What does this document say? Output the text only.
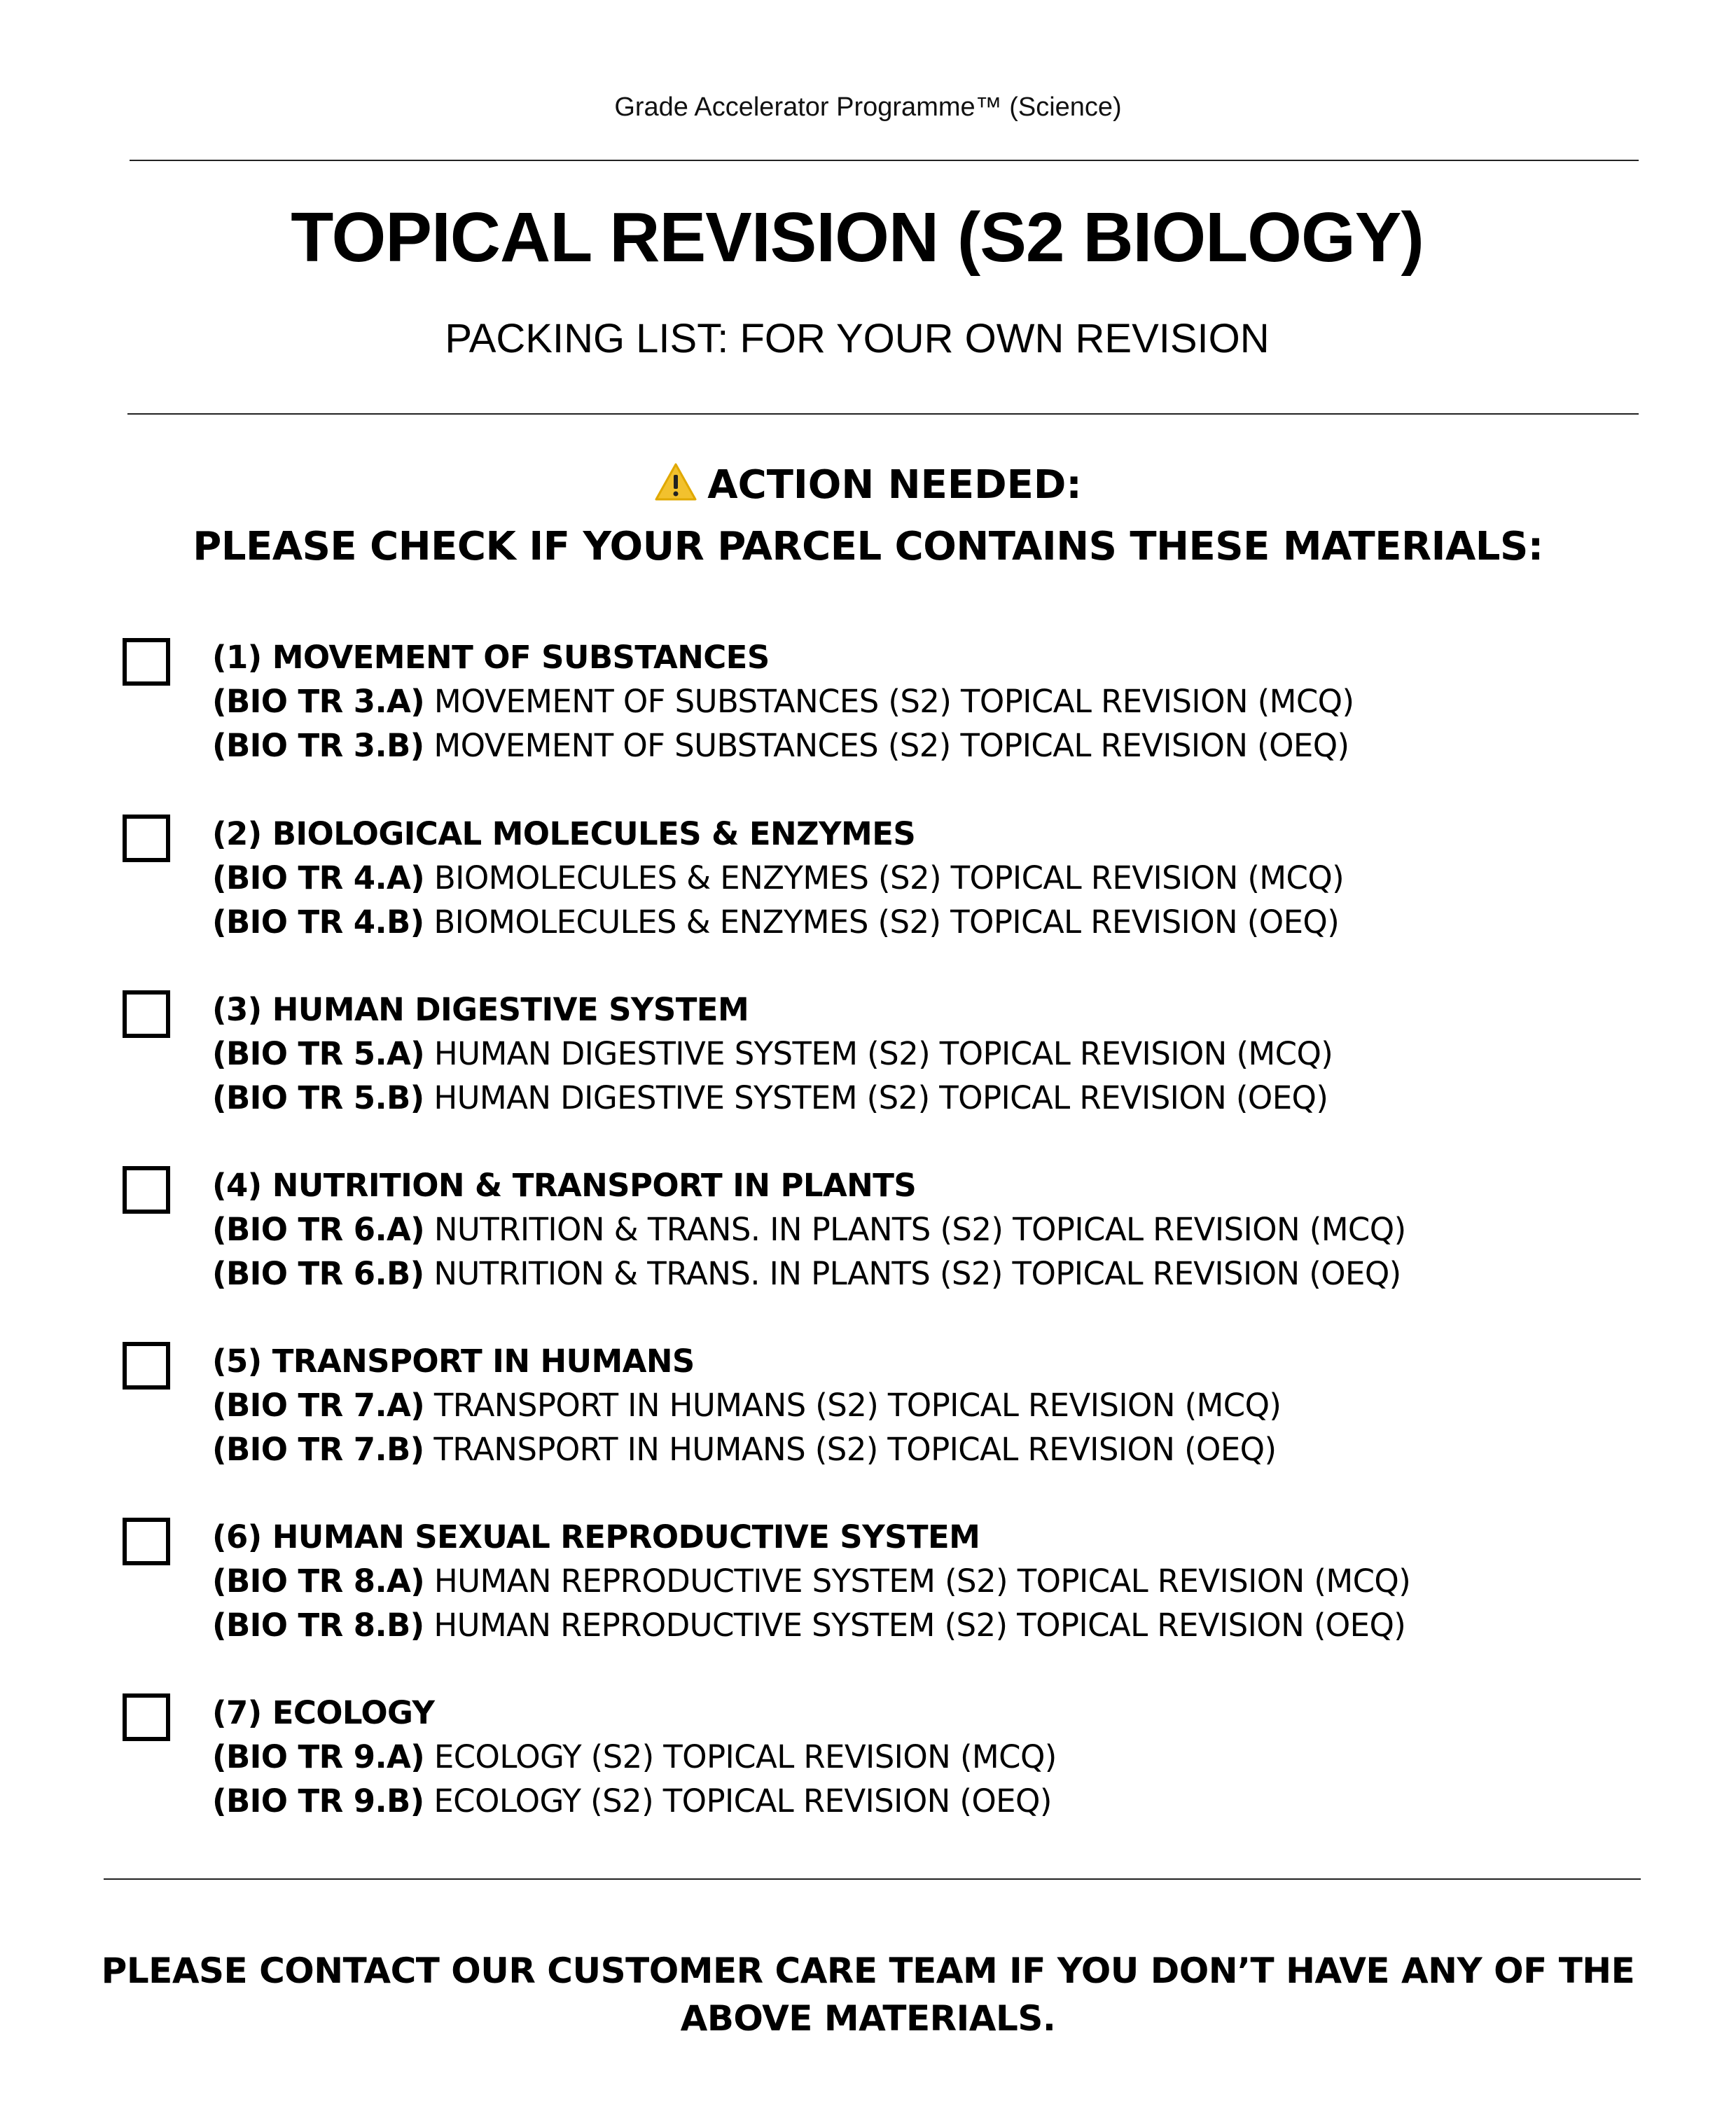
Grade Accelerator Programme™ (Science)
TOPICAL REVISION (S2 BIOLOGY)
PACKING LIST: FOR YOUR OWN REVISION
ACTION NEEDED:
PLEASE CHECK IF YOUR PARCEL CONTAINS THESE MATERIALS:
(1) MOVEMENT OF SUBSTANCES
(BIO TR 3.A) MOVEMENT OF SUBSTANCES (S2) TOPICAL REVISION (MCQ)
(BIO TR 3.B) MOVEMENT OF SUBSTANCES (S2) TOPICAL REVISION (OEQ)
(2) BIOLOGICAL MOLECULES & ENZYMES
(BIO TR 4.A) BIOMOLECULES & ENZYMES (S2) TOPICAL REVISION (MCQ)
(BIO TR 4.B) BIOMOLECULES & ENZYMES (S2) TOPICAL REVISION (OEQ)
(3) HUMAN DIGESTIVE SYSTEM
(BIO TR 5.A) HUMAN DIGESTIVE SYSTEM (S2) TOPICAL REVISION (MCQ)
(BIO TR 5.B) HUMAN DIGESTIVE SYSTEM (S2) TOPICAL REVISION (OEQ)
(4) NUTRITION & TRANSPORT IN PLANTS
(BIO TR 6.A) NUTRITION & TRANS. IN PLANTS (S2) TOPICAL REVISION (MCQ)
(BIO TR 6.B) NUTRITION & TRANS. IN PLANTS (S2) TOPICAL REVISION (OEQ)
(5) TRANSPORT IN HUMANS
(BIO TR 7.A) TRANSPORT IN HUMANS (S2) TOPICAL REVISION (MCQ)
(BIO TR 7.B) TRANSPORT IN HUMANS (S2) TOPICAL REVISION (OEQ)
(6) HUMAN SEXUAL REPRODUCTIVE SYSTEM
(BIO TR 8.A) HUMAN REPRODUCTIVE SYSTEM (S2) TOPICAL REVISION (MCQ)
(BIO TR 8.B) HUMAN REPRODUCTIVE SYSTEM (S2) TOPICAL REVISION (OEQ)
(7) ECOLOGY
(BIO TR 9.A) ECOLOGY (S2) TOPICAL REVISION (MCQ)
(BIO TR 9.B) ECOLOGY (S2) TOPICAL REVISION (OEQ)
PLEASE CONTACT OUR CUSTOMER CARE TEAM IF YOU DON’T HAVE ANY OF THE
ABOVE MATERIALS.
